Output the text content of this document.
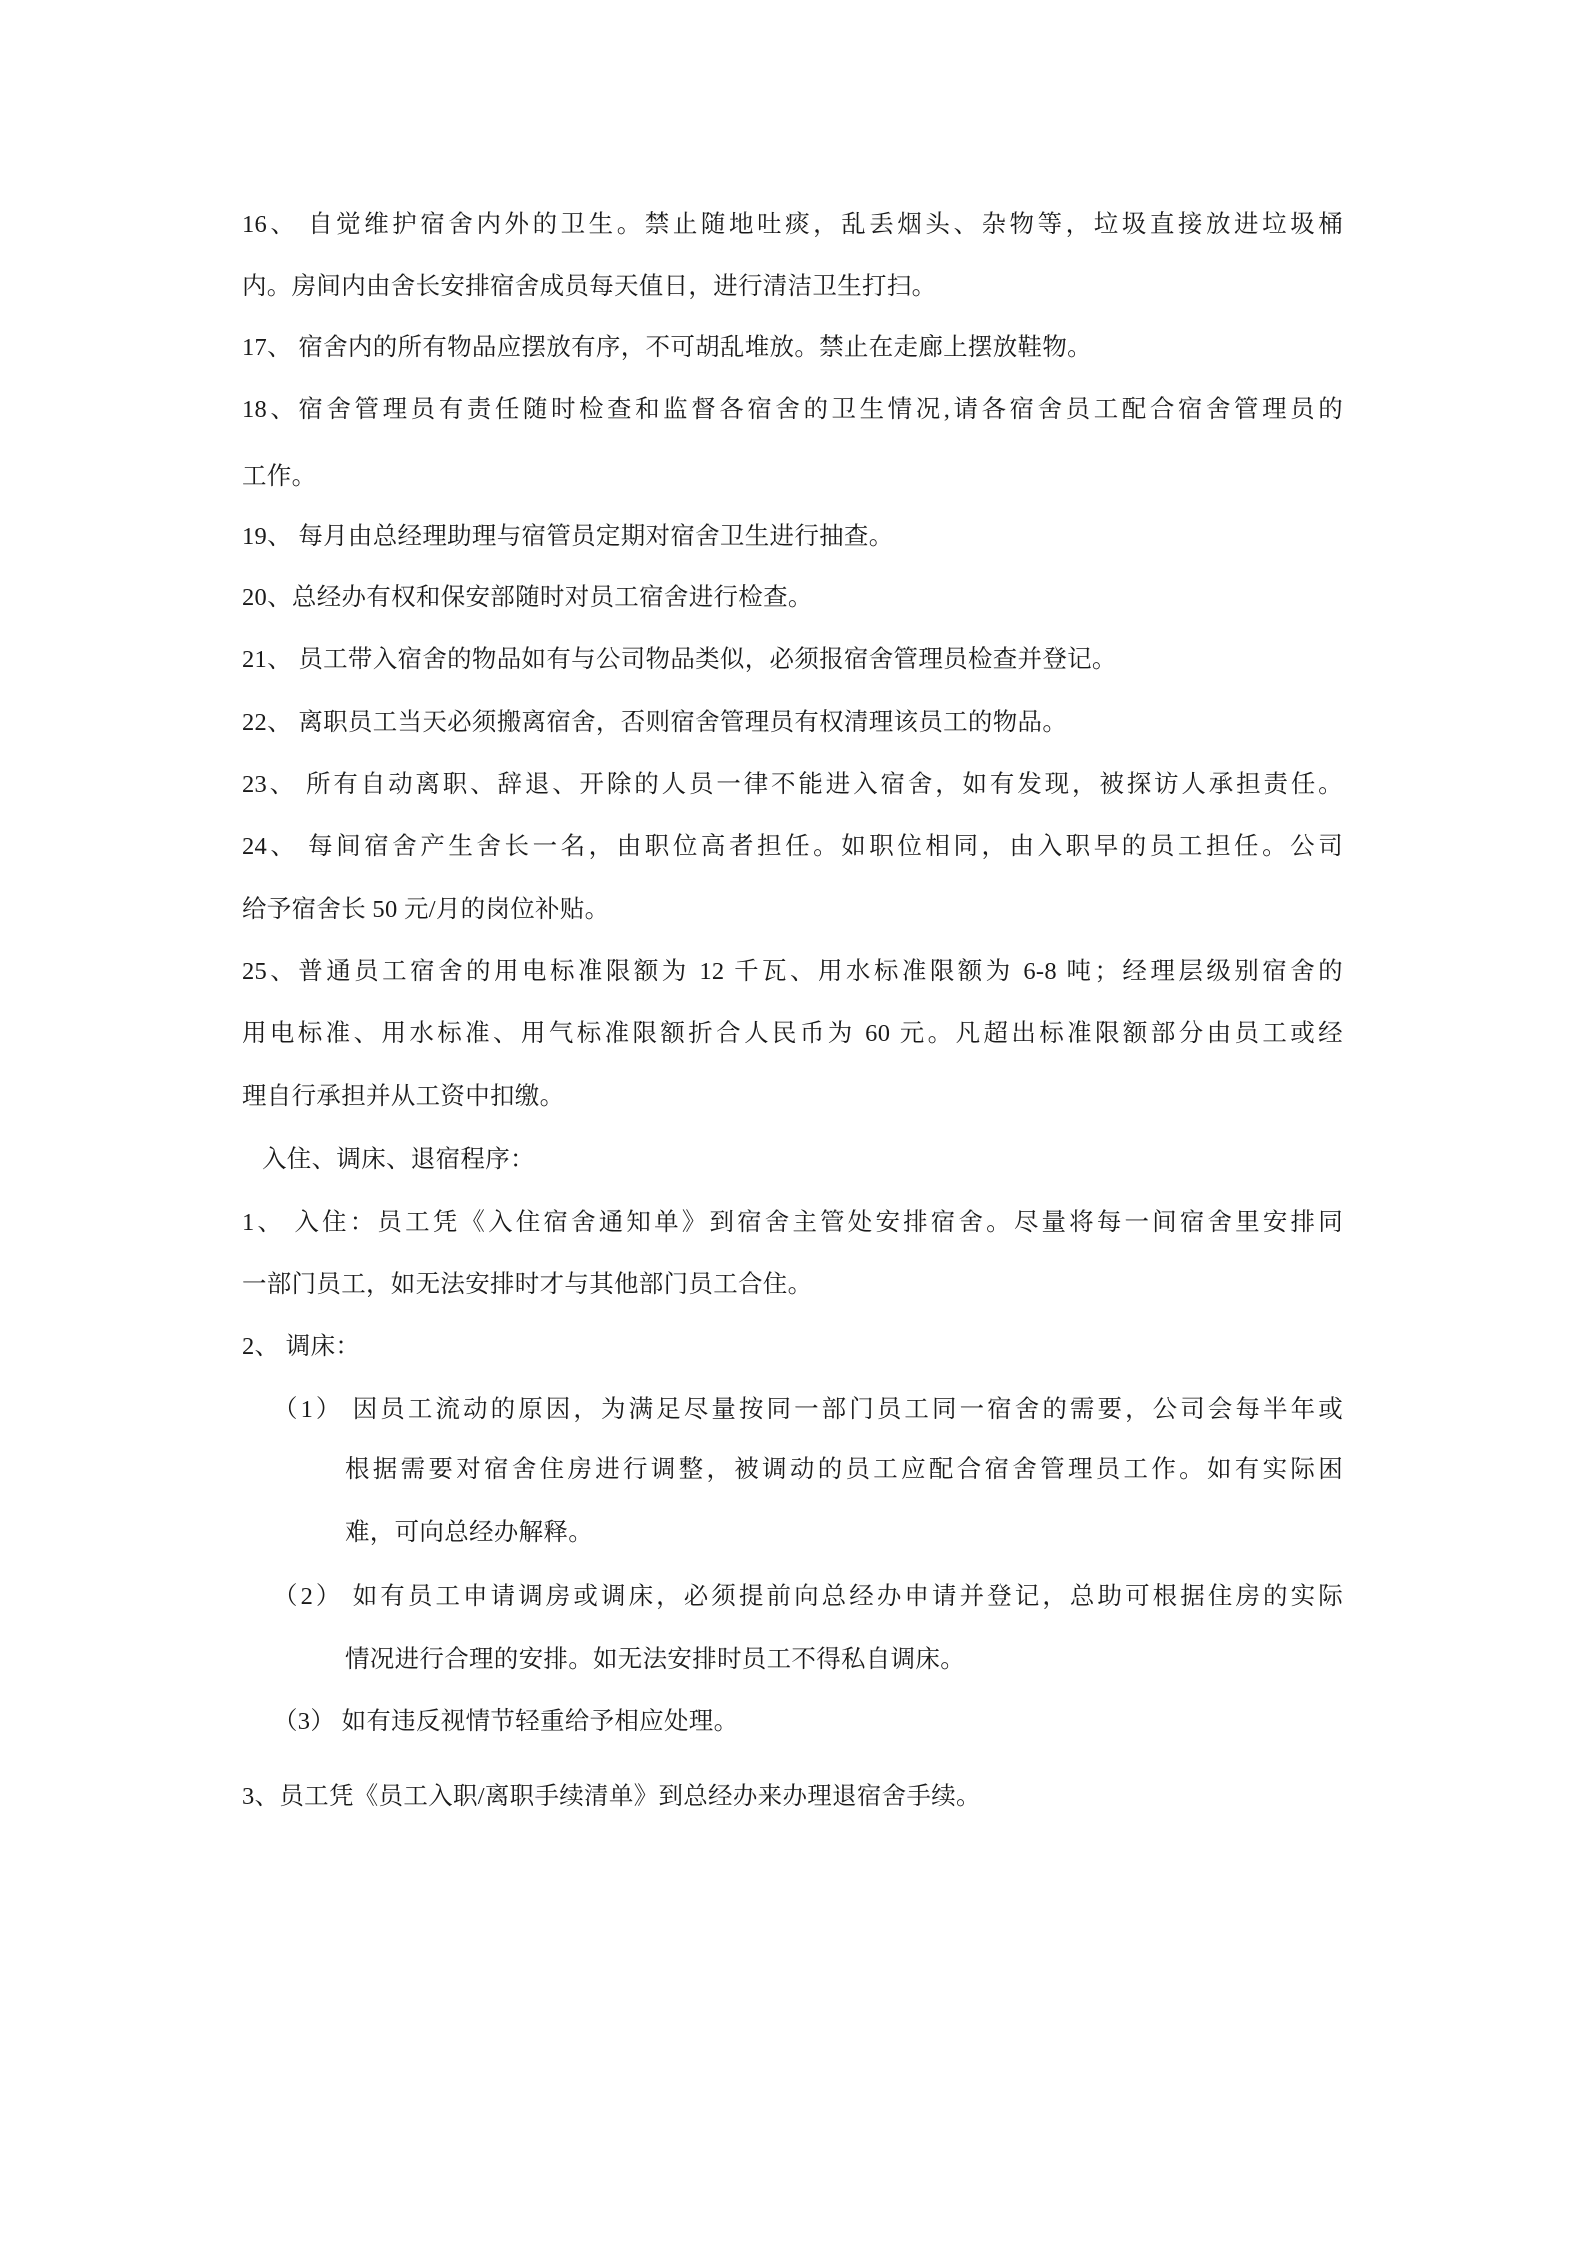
16、 自觉维护宿舍内外的卫生。禁止随地吐痰，乱丢烟头、杂物等，垃圾直接放进垃圾桶
内。房间内由舍长安排宿舍成员每天值日，进行清洁卫生打扫。
17、 宿舍内的所有物品应摆放有序，不可胡乱堆放。禁止在走廊上摆放鞋物。
18、宿舍管理员有责任随时检查和监督各宿舍的卫生情况,请各宿舍员工配合宿舍管理员的
工作。
19、 每月由总经理助理与宿管员定期对宿舍卫生进行抽查。
20、总经办有权和保安部随时对员工宿舍进行检查。
21、 员工带入宿舍的物品如有与公司物品类似，必须报宿舍管理员检查并登记。
22、 离职员工当天必须搬离宿舍，否则宿舍管理员有权清理该员工的物品。
23、 所有自动离职、辞退、开除的人员一律不能进入宿舍，如有发现，被探访人承担责任。
24、 每间宿舍产生舍长一名，由职位高者担任。如职位相同，由入职早的员工担任。公司
给予宿舍长 50 元/月的岗位补贴。
25、普通员工宿舍的用电标准限额为 12 千瓦、用水标准限额为 6-8 吨；经理层级别宿舍的
用电标准、用水标准、用气标准限额折合人民币为 60 元。凡超出标准限额部分由员工或经
理自行承担并从工资中扣缴。
入住、调床、退宿程序：
1、 入住：员工凭《入住宿舍通知单》到宿舍主管处安排宿舍。尽量将每一间宿舍里安排同
一部门员工，如无法安排时才与其他部门员工合住。
2、 调床：
（1） 因员工流动的原因，为满足尽量按同一部门员工同一宿舍的需要，公司会每半年或
根据需要对宿舍住房进行调整，被调动的员工应配合宿舍管理员工作。如有实际困
难，可向总经办解释。
（2） 如有员工申请调房或调床，必须提前向总经办申请并登记，总助可根据住房的实际
情况进行合理的安排。如无法安排时员工不得私自调床。
（3） 如有违反视情节轻重给予相应处理。
3、员工凭《员工入职/离职手续清单》到总经办来办理退宿舍手续。
